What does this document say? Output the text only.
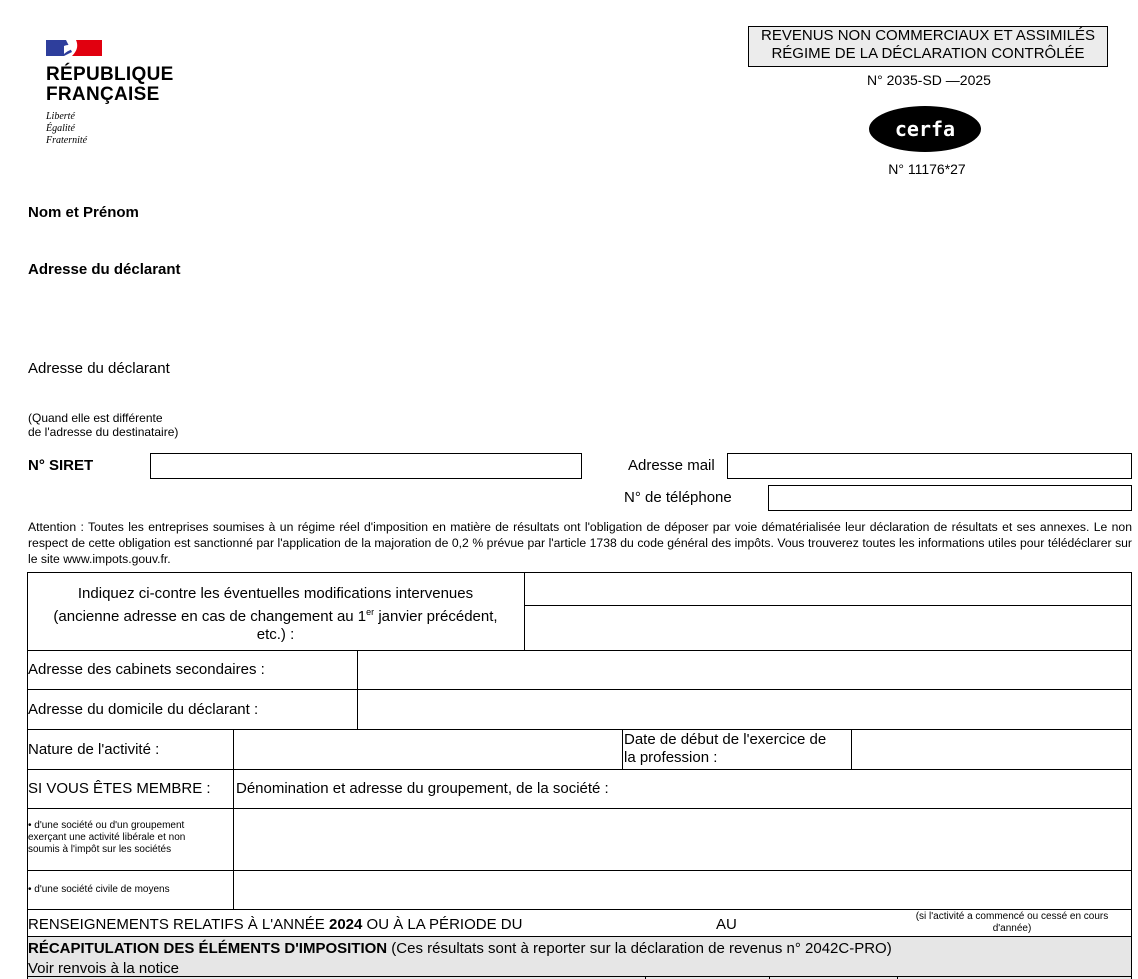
RÉPUBLIQUE
FRANÇAISE
Liberté
Égalité
Fraternité
REVENUS NON COMMERCIAUX ET ASSIMILÉS
RÉGIME DE LA DÉCLARATION CONTRÔLÉE
N° 2035-SD —2025
cerfa
N° 11176*27
Nom et Prénom
Adresse du déclarant
Adresse du déclarant
(Quand elle est différente
de l'adresse du destinataire)
N° SIRET	Adresse mail
N° de téléphone
Attention : Toutes les entreprises soumises à un régime réel d'imposition en matière de résultats ont l'obligation de déposer par voie dématérialisée leur déclaration de résultats et ses annexes. Le non respect de cette obligation est sanctionné par l'application de la majoration de 0,2 % prévue par l'article 1738 du code général des impôts. Vous trouverez toutes les informations utiles pour télédéclarer sur le site www.impots.gouv.fr.
Indiquez ci-contre les éventuelles modifications intervenues
(ancienne adresse en cas de changement au 1er janvier précédent,
etc.) :
Adresse des cabinets secondaires :
Adresse du domicile du déclarant :
Nature de l'activité :
Date de début de l'exercice de
la profession :
SI VOUS ÊTES MEMBRE : Dénomination et adresse du groupement, de la société :
• d'une société ou d'un groupement
exerçant une activité libérale et non
soumis à l'impôt sur les sociétés
• d'une société civile de moyens
RENSEIGNEMENTS RELATIFS À L'ANNÉE 2024 OU À LA PÉRIODE DU	AU	(si l'activité a commencé ou cessé en cours
d'année)
RÉCAPITULATION DES ÉLÉMENTS D'IMPOSITION (Ces résultats sont à reporter sur la déclaration de revenus n° 2042C-PRO)
Voir renvois à la notice
